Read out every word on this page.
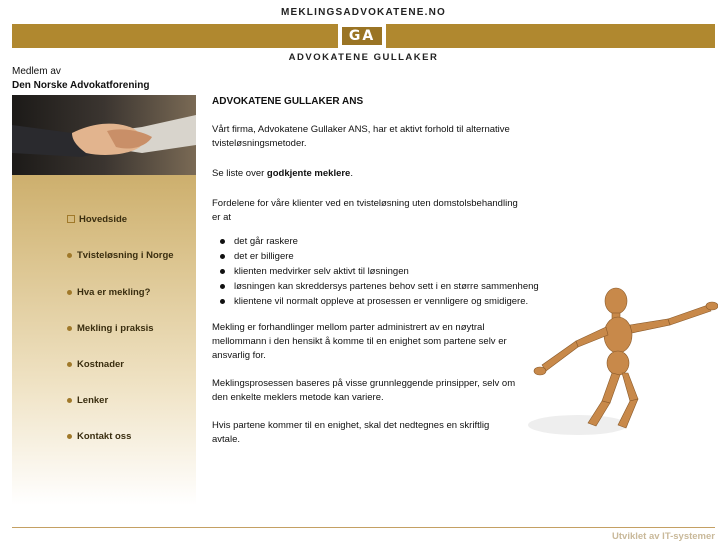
MEKLINGSADVOKATENE.NO
GA
ADVOKATENE GULLAKER
Medlem av
Den Norske Advokatforening
Hovedside
Tvisteløsning i Norge
Hva er mekling?
Mekling i praksis
Kostnader
Lenker
Kontakt oss

ADVOKATENE GULLAKER ANS

Vårt firma, Advokatene Gullaker ANS, har et aktivt forhold til alternative tvisteløsningsmetoder.

Se liste over godkjente meklere.

Fordelene for våre klienter ved en tvisteløsning uten domstolsbehandling er at

det går raskere
det er billigere
klienten medvirker selv aktivt til løsningen
løsningen kan skreddersys partenes behov sett i en større sammenheng
klientene vil normalt oppleve at prosessen er vennligere og smidigere.

Mekling er forhandlinger mellom parter administrert av en nøytral mellommann i den hensikt å komme til en enighet som partene selv er ansvarlig for.

Meklingsprosessen baseres på visse grunnleggende prinsipper, selv om den enkelte meklers metode kan variere.

Hvis partene kommer til en enighet, skal det nedtegnes en skriftlig avtale.

Utviklet av IT-systemer
